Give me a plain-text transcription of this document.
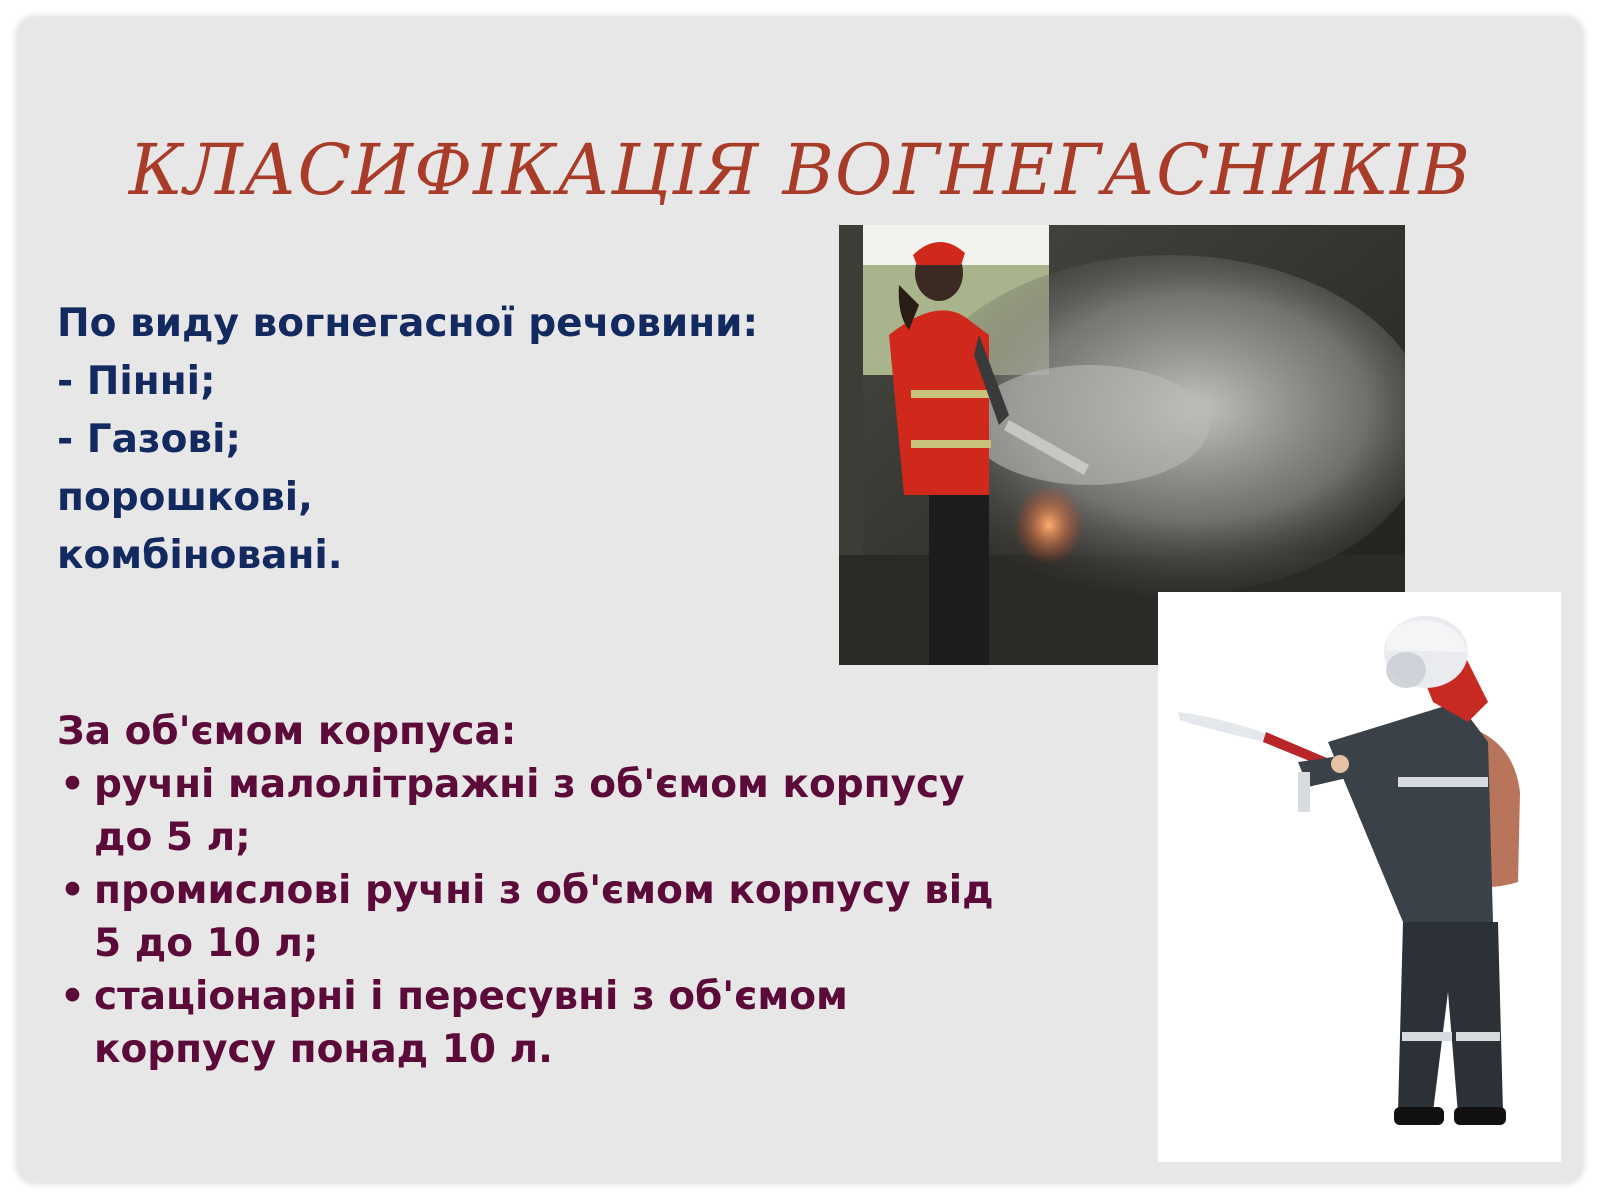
КЛАСИФІКАЦІЯ ВОГНЕГАСНИКІВ

По виду вогнегасної речовини:

- Пінні;

- Газові;

порошкові,

комбіновані.

За об'ємом корпуса:

• ручні малолітражні з об'ємом корпусу до 5 л;
• промислові ручні з об'ємом корпусу від 5 до 10 л;
• стаціонарні і пересувні з об'ємом корпусу понад 10 л.
